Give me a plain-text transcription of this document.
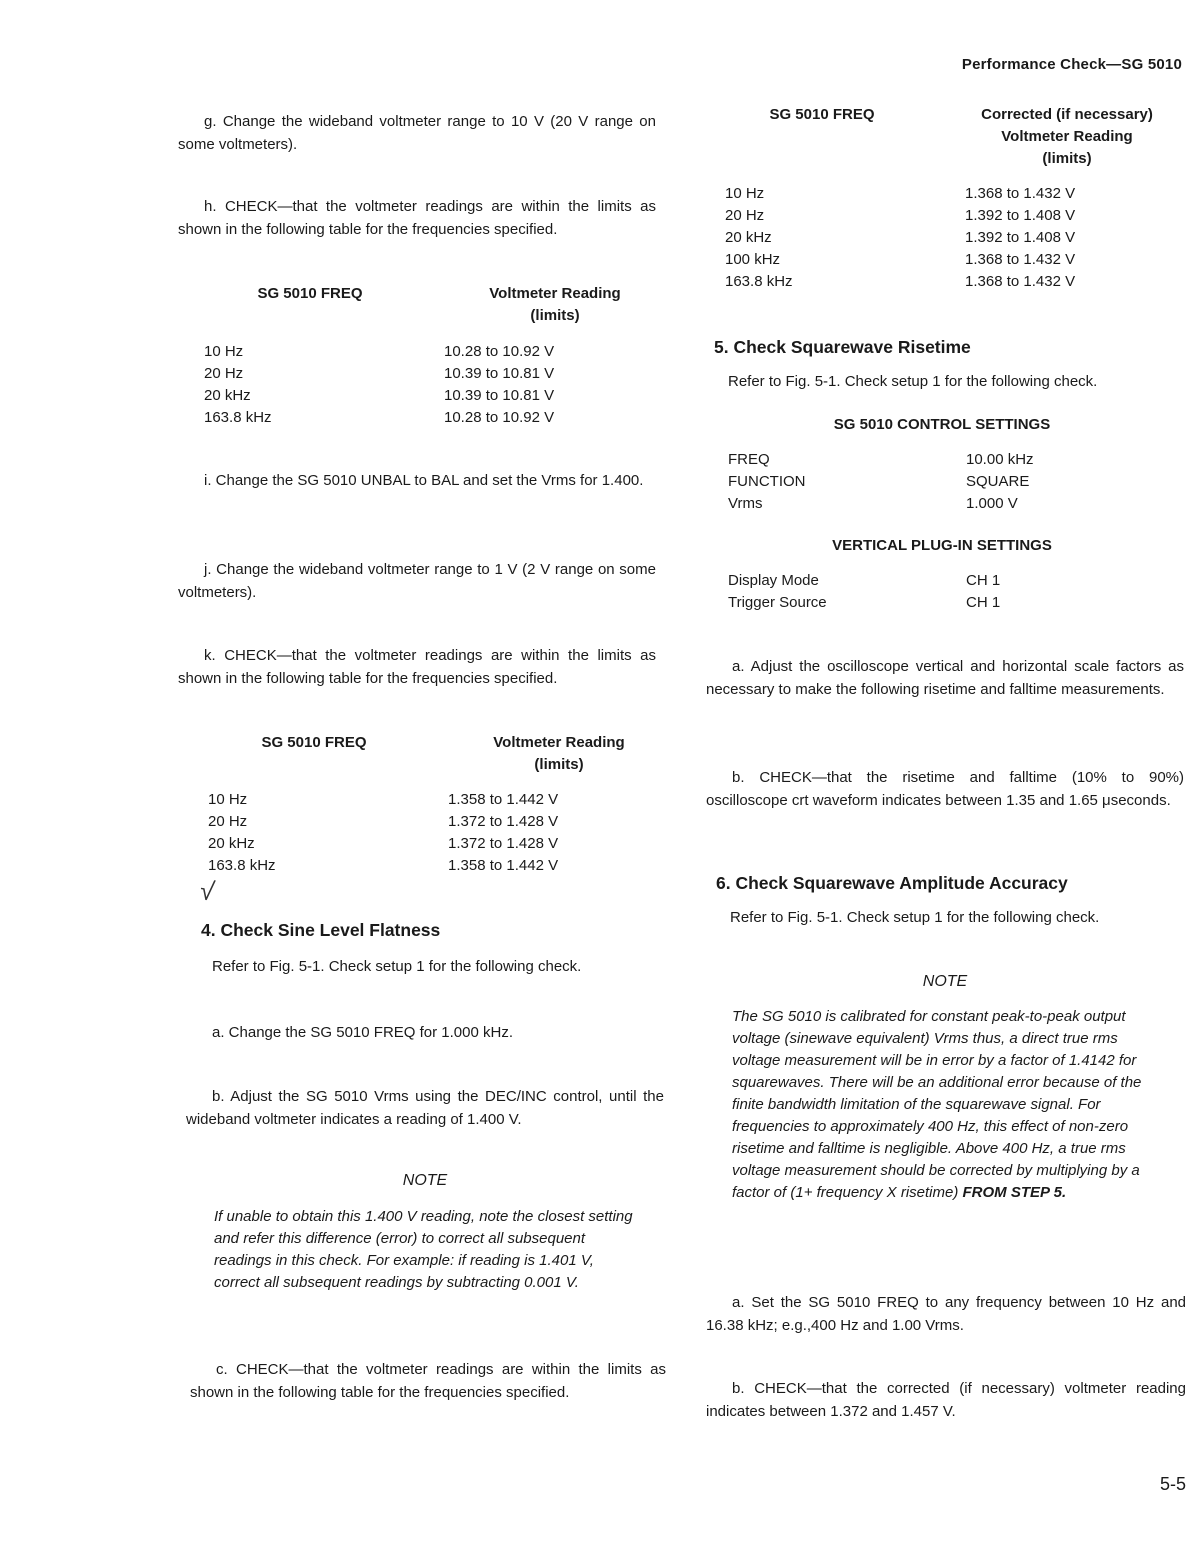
Performance Check—SG 5010
g. Change the wideband voltmeter range to 10 V (20 V range on some voltmeters).
h. CHECK—that the voltmeter readings are within the limits as shown in the following table for the frequencies specified.
SG 5010 FREQ	Voltmeter Reading
(limits)
10 Hz	10.28 to 10.92 V
20 Hz	10.39 to 10.81 V
20 kHz	10.39 to 10.81 V
163.8 kHz	10.28 to 10.92 V
i. Change the SG 5010 UNBAL to BAL and set the Vrms for 1.400.
j. Change the wideband voltmeter range to 1 V (2 V range on some voltmeters).
k. CHECK—that the voltmeter readings are within the limits as shown in the following table for the frequencies specified.
SG 5010 FREQ	Voltmeter Reading
(limits)
10 Hz	1.358 to 1.442 V
20 Hz	1.372 to 1.428 V
20 kHz	1.372 to 1.428 V
163.8 kHz	1.358 to 1.442 V
√
4. Check Sine Level Flatness
Refer to Fig. 5-1. Check setup 1 for the following check.
a. Change the SG 5010 FREQ for 1.000 kHz.
b. Adjust the SG 5010 Vrms using the DEC/INC control, until the wideband voltmeter indicates a reading of 1.400 V.
NOTE
If unable to obtain this 1.400 V reading, note the closest setting and refer this difference (error) to correct all subsequent readings in this check. For example: if reading is 1.401 V, correct all subsequent readings by subtracting 0.001 V.
c. CHECK—that the voltmeter readings are within the limits as shown in the following table for the frequencies specified.
SG 5010 FREQ	Corrected (if necessary)
Voltmeter Reading
(limits)
10 Hz	1.368 to 1.432 V
20 Hz	1.392 to 1.408 V
20 kHz	1.392 to 1.408 V
100 kHz	1.368 to 1.432 V
163.8 kHz	1.368 to 1.432 V
5. Check Squarewave Risetime
Refer to Fig. 5-1. Check setup 1 for the following check.
SG 5010 CONTROL SETTINGS
FREQ	10.00 kHz
FUNCTION	SQUARE
Vrms	1.000 V
VERTICAL PLUG-IN SETTINGS
Display Mode	CH 1
Trigger Source	CH 1
a. Adjust the oscilloscope vertical and horizontal scale factors as necessary to make the following risetime and falltime measurements.
b. CHECK—that the risetime and falltime (10% to 90%) oscilloscope crt waveform indicates between 1.35 and 1.65 μseconds.
6. Check Squarewave Amplitude Accuracy
Refer to Fig. 5-1. Check setup 1 for the following check.
NOTE
The SG 5010 is calibrated for constant peak-to-peak output voltage (sinewave equivalent) Vrms thus, a direct true rms voltage measurement will be in error by a factor of 1.4142 for squarewaves. There will be an additional error because of the finite bandwidth limitation of the squarewave signal. For frequencies to approximately 400 Hz, this effect of non-zero risetime and falltime is negligible. Above 400 Hz, a true rms voltage measurement should be corrected by multiplying by a factor of (1+ frequency X risetime) FROM STEP 5.
a. Set the SG 5010 FREQ to any frequency between 10 Hz and 16.38 kHz; e.g.,400 Hz and 1.00 Vrms.
b. CHECK—that the corrected (if necessary) voltmeter reading indicates between 1.372 and 1.457 V.
5-5
